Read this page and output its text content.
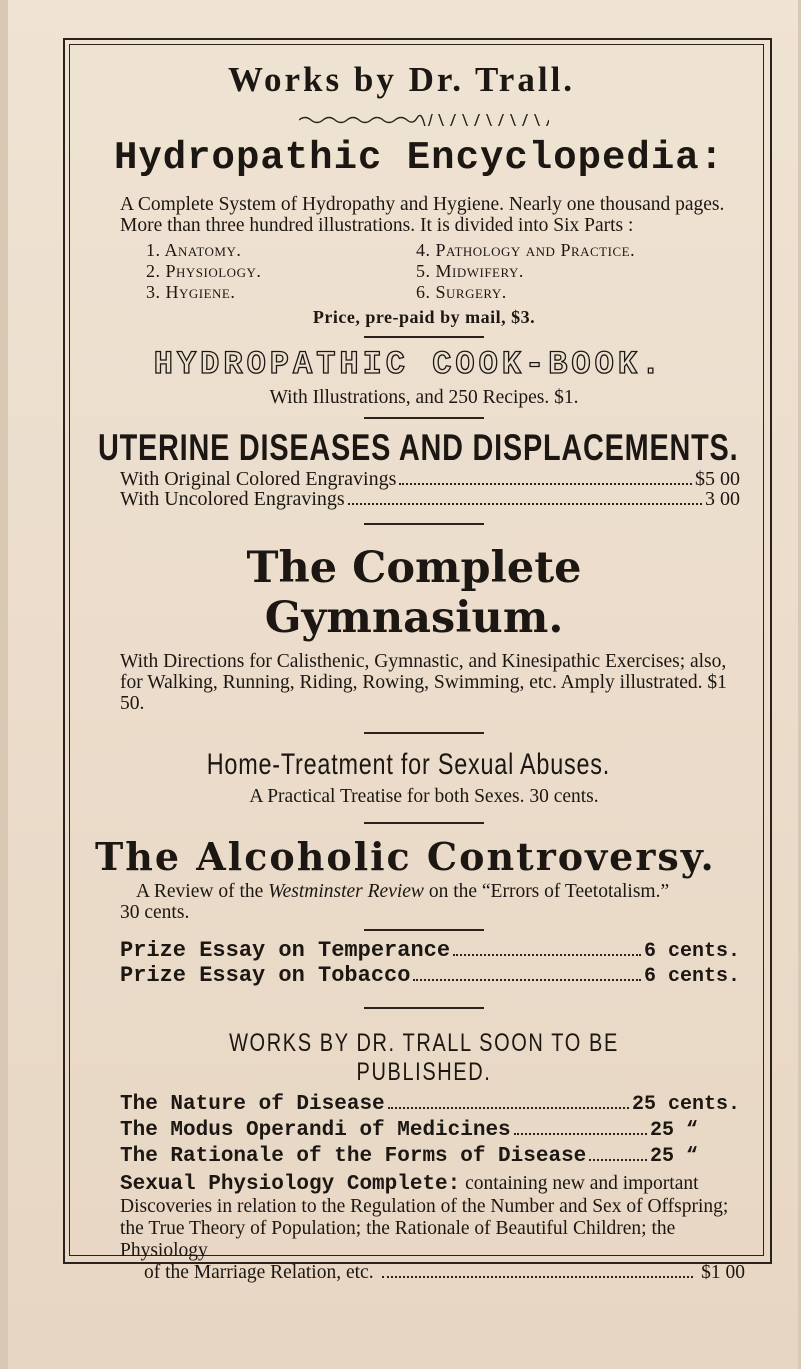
Works by Dr. Trall.
Hydropathic Encyclopedia:
A Complete System of Hydropathy and Hygiene. Nearly one thousand pages. More than three hundred illustrations. It is divided into Six Parts :
1. Anatomy.	4. Pathology and Practice.
2. Physiology.	5. Midwifery.
3. Hygiene.	6. Surgery.
Price, pre-paid by mail, $3.
HYDROPATHIC COOK-BOOK.
With Illustrations, and 250 Recipes. $1.
UTERINE DISEASES AND DISPLACEMENTS.
With Original Colored Engravings	$5 00
With Uncolored Engravings	3 00
The Complete Gymnasium.
With Directions for Calisthenic, Gymnastic, and Kinesipathic Exercises; also, for Walking, Running, Riding, Rowing, Swimming, etc. Amply illustrated. $1 50.
Home-Treatment for Sexual Abuses.
A Practical Treatise for both Sexes. 30 cents.
The Alcoholic Controversy.
A Review of the Westminster Review on the “Errors of Teetotalism.”
30 cents.
Prize Essay on Temperance	6 cents.
Prize Essay on Tobacco	6 cents.
WORKS BY DR. TRALL SOON TO BE PUBLISHED.
The Nature of Disease	25 cents.
The Modus Operandi of Medicines	25 “
The Rationale of the Forms of Disease	25 “
Sexual Physiology Complete: containing new and important Discoveries in relation to the Regulation of the Number and Sex of Offspring; the True Theory of Population; the Rationale of Beautiful Children; the Physiology
of the Marriage Relation, etc.	$1 00
